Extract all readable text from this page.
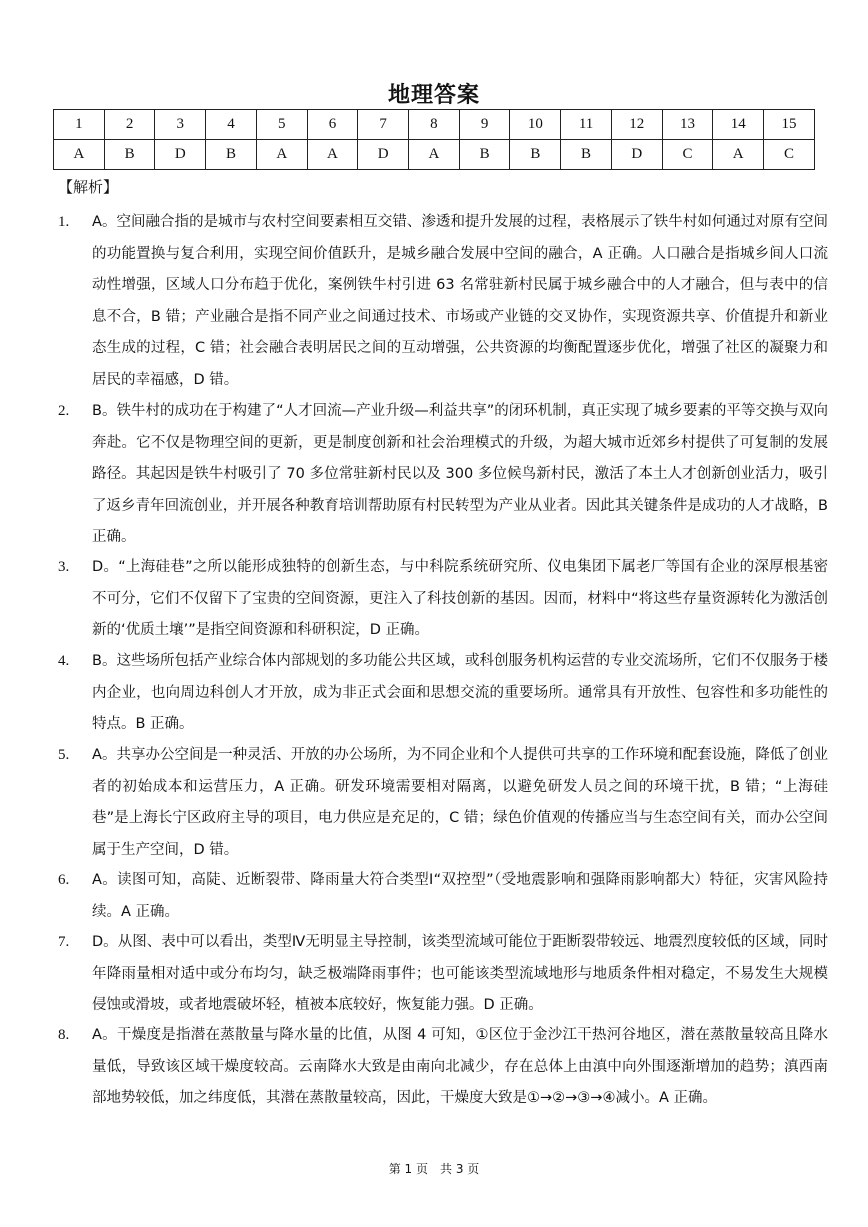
地理答案
1	2	3	4	5	6	7	8	9	10	11	12	13	14	15
A	B	D	B	A	A	D	A	B	B	B	D	C	A	C
【解析】
1.	A。空间融合指的是城市与农村空间要素相互交错、渗透和提升发展的过程，表格展示了铁牛村如何通过对原有空间的功能置换与复合利用，实现空间价值跃升，是城乡融合发展中空间的融合，A 正确。人口融合是指城乡间人口流动性增强，区域人口分布趋于优化，案例铁牛村引进 63 名常驻新村民属于城乡融合中的人才融合，但与表中的信息不合，B 错；产业融合是指不同产业之间通过技术、市场或产业链的交叉协作，实现资源共享、价值提升和新业态生成的过程，C 错；社会融合表明居民之间的互动增强，公共资源的均衡配置逐步优化，增强了社区的凝聚力和居民的幸福感，D 错。
2.	B。铁牛村的成功在于构建了“人才回流—产业升级—利益共享”的闭环机制，真正实现了城乡要素的平等交换与双向奔赴。它不仅是物理空间的更新，更是制度创新和社会治理模式的升级，为超大城市近郊乡村提供了可复制的发展路径。其起因是铁牛村吸引了 70 多位常驻新村民以及 300 多位候鸟新村民，激活了本土人才创新创业活力，吸引了返乡青年回流创业，并开展各种教育培训帮助原有村民转型为产业从业者。因此其关键条件是成功的人才战略，B 正确。
3.	D。“上海硅巷”之所以能形成独特的创新生态，与中科院系统研究所、仪电集团下属老厂等国有企业的深厚根基密不可分，它们不仅留下了宝贵的空间资源，更注入了科技创新的基因。因而，材料中“将这些存量资源转化为激活创新的‘优质土壤’”是指空间资源和科研积淀，D 正确。
4.	B。这些场所包括产业综合体内部规划的多功能公共区域，或科创服务机构运营的专业交流场所，它们不仅服务于楼内企业，也向周边科创人才开放，成为非正式会面和思想交流的重要场所。通常具有开放性、包容性和多功能性的特点。B 正确。
5.	A。共享办公空间是一种灵活、开放的办公场所，为不同企业和个人提供可共享的工作环境和配套设施，降低了创业者的初始成本和运营压力，A 正确。研发环境需要相对隔离，以避免研发人员之间的环境干扰，B 错；“上海硅巷”是上海长宁区政府主导的项目，电力供应是充足的，C 错；绿色价值观的传播应当与生态空间有关，而办公空间属于生产空间，D 错。
6.	A。读图可知，高陡、近断裂带、降雨量大符合类型Ⅰ“双控型”（受地震影响和强降雨影响都大）特征，灾害风险持续。A 正确。
7.	D。从图、表中可以看出，类型Ⅳ无明显主导控制，该类型流域可能位于距断裂带较远、地震烈度较低的区域，同时年降雨量相对适中或分布均匀，缺乏极端降雨事件；也可能该类型流域地形与地质条件相对稳定，不易发生大规模侵蚀或滑坡，或者地震破坏轻，植被本底较好，恢复能力强。D 正确。
8.	A。干燥度是指潜在蒸散量与降水量的比值，从图 4 可知，①区位于金沙江干热河谷地区，潜在蒸散量较高且降水量低，导致该区域干燥度较高。云南降水大致是由南向北减少，存在总体上由滇中向外围逐渐增加的趋势；滇西南部地势较低，加之纬度低，其潜在蒸散量较高，因此，干燥度大致是①→②→③→④减小。A 正确。
第 1 页　共 3 页
